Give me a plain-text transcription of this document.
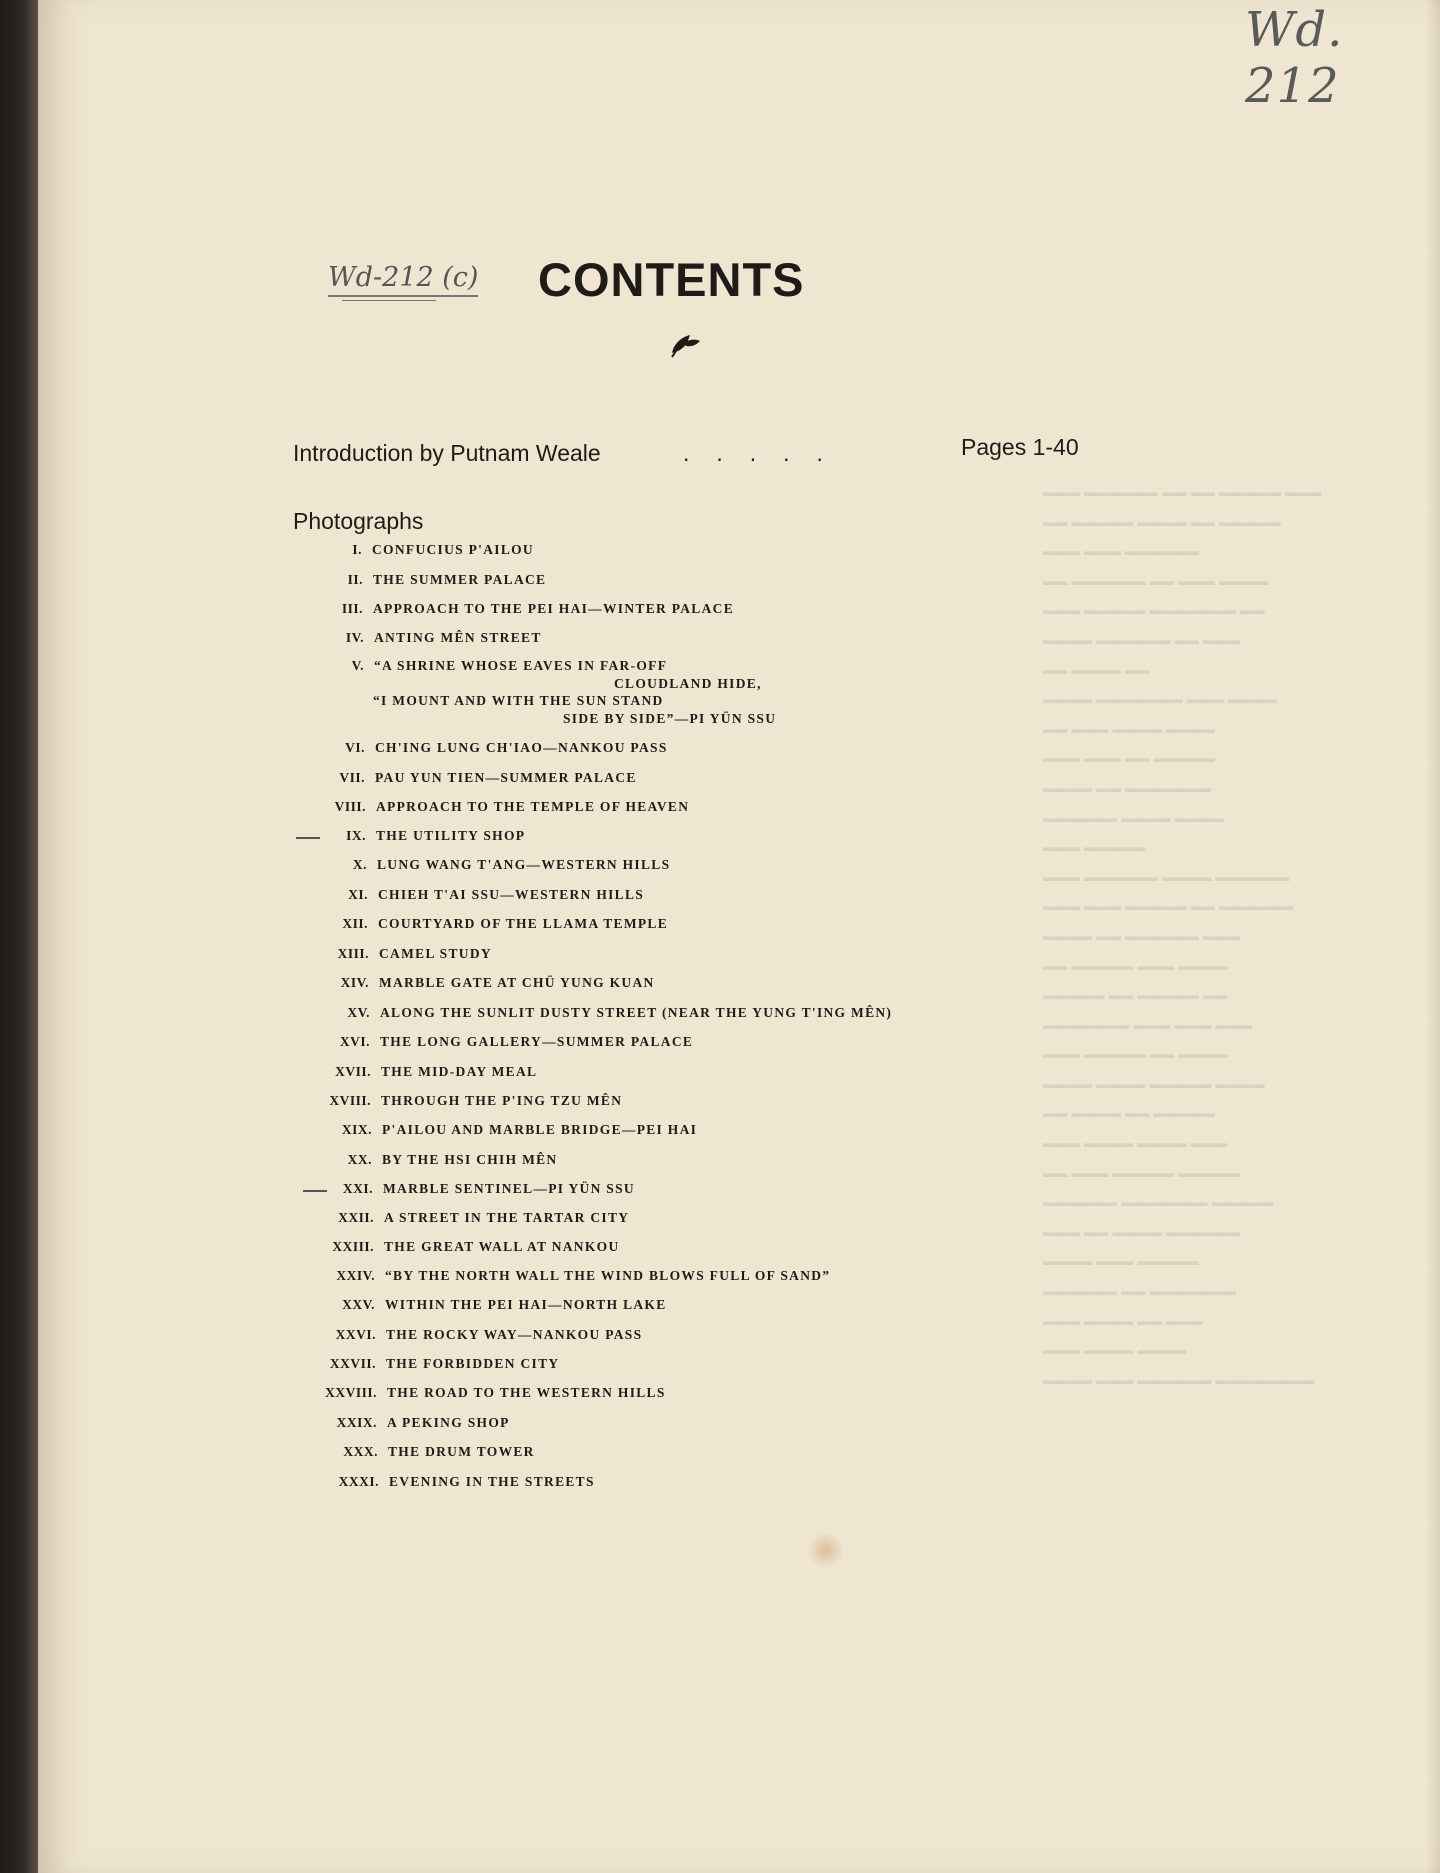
▬▬▬ ▬▬▬▬▬▬ ▬▬ ▬▬ ▬▬▬▬▬ ▬▬▬
▬▬ ▬▬▬▬▬ ▬▬▬▬ ▬▬ ▬▬▬▬▬
▬▬▬ ▬▬▬ ▬▬▬▬▬▬
▬▬ ▬▬▬▬▬▬ ▬▬ ▬▬▬ ▬▬▬▬
▬▬▬ ▬▬▬▬▬ ▬▬▬▬▬▬▬ ▬▬
▬▬▬▬ ▬▬▬▬▬▬ ▬▬ ▬▬▬
▬▬ ▬▬▬▬ ▬▬
▬▬▬▬ ▬▬▬▬▬▬▬ ▬▬▬ ▬▬▬▬
▬▬ ▬▬▬ ▬▬▬▬ ▬▬▬▬
▬▬▬ ▬▬▬ ▬▬ ▬▬▬▬▬
▬▬▬▬ ▬▬ ▬▬▬▬▬▬▬
▬▬▬▬▬▬ ▬▬▬▬ ▬▬▬▬
▬▬▬ ▬▬▬▬▬
▬▬▬ ▬▬▬▬▬▬ ▬▬▬▬ ▬▬▬▬▬▬
▬▬▬ ▬▬▬ ▬▬▬▬▬ ▬▬ ▬▬▬▬▬▬
▬▬▬▬ ▬▬ ▬▬▬▬▬▬ ▬▬▬
▬▬ ▬▬▬▬▬ ▬▬▬ ▬▬▬▬
▬▬▬▬▬ ▬▬ ▬▬▬▬▬ ▬▬
▬▬▬▬▬▬▬ ▬▬▬ ▬▬▬ ▬▬▬
▬▬▬ ▬▬▬▬▬ ▬▬ ▬▬▬▬
▬▬▬▬ ▬▬▬▬ ▬▬▬▬▬ ▬▬▬▬
▬▬ ▬▬▬▬ ▬▬ ▬▬▬▬▬
▬▬▬ ▬▬▬▬ ▬▬▬▬ ▬▬▬
▬▬ ▬▬▬ ▬▬▬▬▬ ▬▬▬▬▬
▬▬▬▬▬▬ ▬▬▬▬▬▬▬ ▬▬▬▬▬
▬▬▬ ▬▬ ▬▬▬▬ ▬▬▬▬▬▬
▬▬▬▬ ▬▬▬ ▬▬▬▬▬
▬▬▬▬▬▬ ▬▬ ▬▬▬▬▬▬▬
▬▬▬ ▬▬▬▬ ▬▬ ▬▬▬
▬▬▬ ▬▬▬▬ ▬▬▬▬
▬▬▬▬ ▬▬▬ ▬▬▬▬▬▬ ▬▬▬▬▬▬▬▬
Wd. 212
Wd-212 (c) CONTENTS
Introduction by Putnam Weale	.....	Pages 1-40
Photographs
I. CONFUCIUS P'AILOU
II. THE SUMMER PALACE
III. APPROACH TO THE PEI HAI—WINTER PALACE
IV. ANTING MÊN STREET
V. “A SHRINE WHOSE EAVES IN FAR-OFF
CLOUDLAND HIDE,
“I MOUNT AND WITH THE SUN STAND
SIDE BY SIDE”—PI YÜN SSU
VI. CH'ING LUNG CH'IAO—NANKOU PASS
VII. PAU YUN TIEN—SUMMER PALACE
VIII. APPROACH TO THE TEMPLE OF HEAVEN
IX. THE UTILITY SHOP
X. LUNG WANG T'ANG—WESTERN HILLS
XI. CHIEH T'AI SSU—WESTERN HILLS
XII. COURTYARD OF THE LLAMA TEMPLE
XIII. CAMEL STUDY
XIV. MARBLE GATE AT CHÜ YUNG KUAN
XV. ALONG THE SUNLIT DUSTY STREET (NEAR THE YUNG T'ING MÊN)
XVI. THE LONG GALLERY—SUMMER PALACE
XVII. THE MID-DAY MEAL
XVIII. THROUGH THE P'ING TZU MÊN
XIX. P'AILOU AND MARBLE BRIDGE—PEI HAI
XX. BY THE HSI CHIH MÊN
XXI. MARBLE SENTINEL—PI YÜN SSU
XXII. A STREET IN THE TARTAR CITY
XXIII. THE GREAT WALL AT NANKOU
XXIV. “BY THE NORTH WALL THE WIND BLOWS FULL OF SAND”
XXV. WITHIN THE PEI HAI—NORTH LAKE
XXVI. THE ROCKY WAY—NANKOU PASS
XXVII. THE FORBIDDEN CITY
XXVIII. THE ROAD TO THE WESTERN HILLS
XXIX. A PEKING SHOP
XXX. THE DRUM TOWER
XXXI. EVENING IN THE STREETS
